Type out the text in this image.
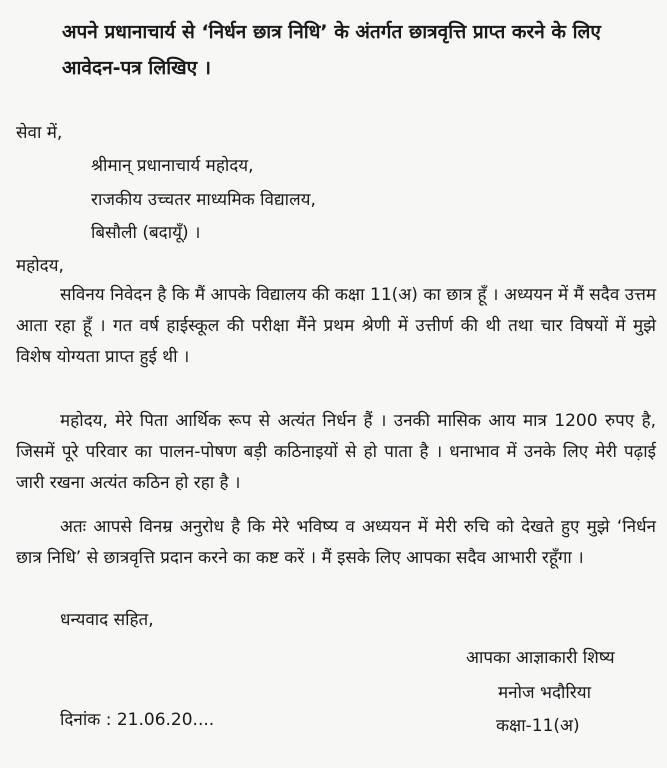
अपने प्रधानाचार्य से ‘निर्धन छात्र निधि’ के अंतर्गत छात्रवृत्ति प्राप्त करने के लिए आवेदन-पत्र लिखिए ।

सेवा में,

श्रीमान् प्रधानाचार्य महोदय,

राजकीय उच्चतर माध्यमिक विद्यालय,

बिसौली (बदायूँ) ।

महोदय,

सविनय निवेदन है कि मैं आपके विद्यालय की कक्षा 11(अ) का छात्र हूँ । अध्ययन में मैं सदैव उत्तम आता रहा हूँ । गत वर्ष हाईस्कूल की परीक्षा मैंने प्रथम श्रेणी में उत्तीर्ण की थी तथा चार विषयों में मुझे विशेष योग्यता प्राप्त हुई थी ।

महोदय, मेरे पिता आर्थिक रूप से अत्यंत निर्धन हैं । उनकी मासिक आय मात्र 1200 रुपए है, जिसमें पूरे परिवार का पालन-पोषण बड़ी कठिनाइयों से हो पाता है । धनाभाव में उनके लिए मेरी पढ़ाई जारी रखना अत्यंत कठिन हो रहा है ।

अतः आपसे विनम्र अनुरोध है कि मेरे भविष्य व अध्ययन में मेरी रुचि को देखते हुए मुझे ‘निर्धन छात्र निधि’ से छात्रवृत्ति प्रदान करने का कष्ट करें । मैं इसके लिए आपका सदैव आभारी रहूँगा ।

धन्यवाद सहित,

आपका आज्ञाकारी शिष्य

मनोज भदौरिया

कक्षा-11(अ)

दिनांक : 21.06.20....
